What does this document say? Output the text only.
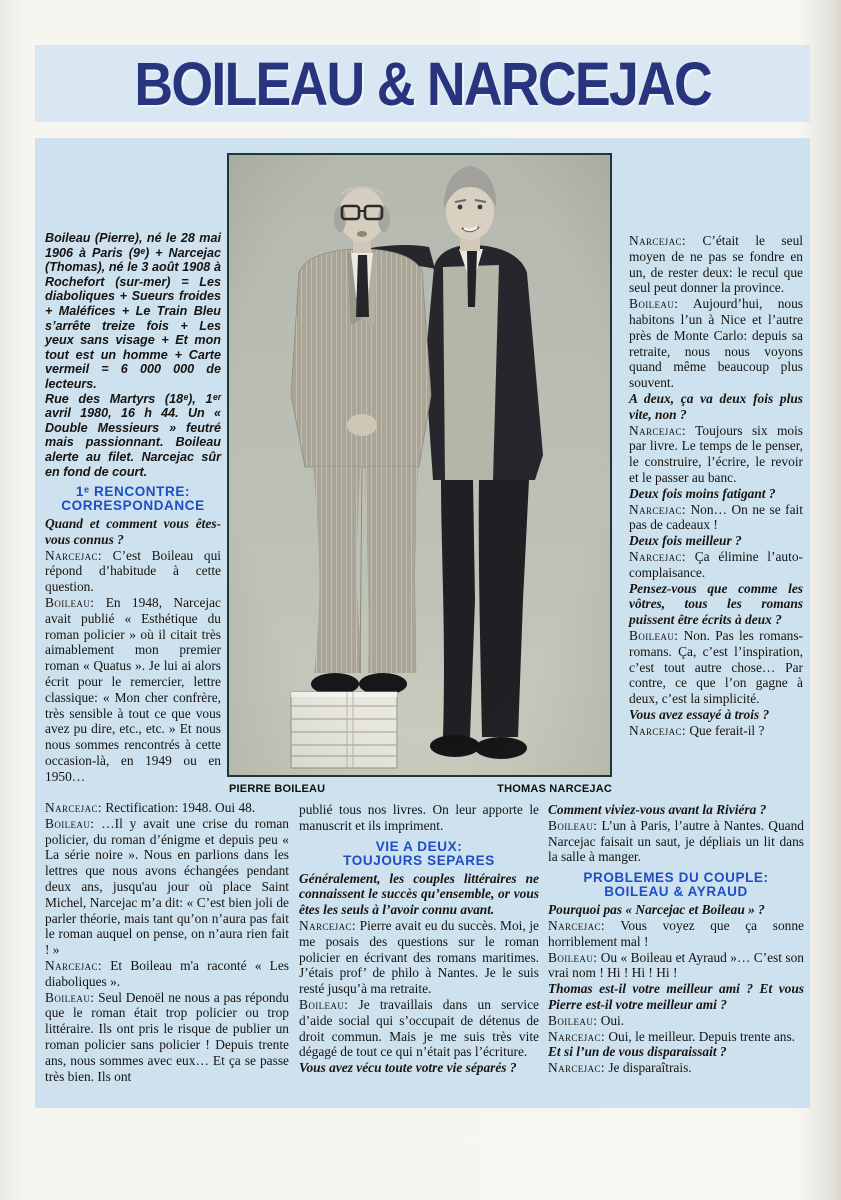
BOILEAU & NARCEJAC

Boileau (Pierre), né le 28 mai 1906 à Paris (9ᵉ) + Narcejac (Thomas), né le 3 août 1908 à Rochefort (sur-mer) = Les diaboliques + Sueurs froides + Maléfices + Le Train Bleu s’arrête treize fois + Les yeux sans visage + Et mon tout est un homme + Carte vermeil = 6 000 000 de lecteurs.

Rue des Martyrs (18ᵉ), 1ᵉʳ avril 1980, 16 h 44. Un « Double Messieurs » feutré mais passionnant. Boileau alerte au filet. Narcejac sûr en fond de court.

1ᵉ RENCONTRE:
CORRESPONDANCE

Quand et comment vous êtes-vous connus ?

Narcejac: C’est Boileau qui répond d’habitude à cette question.

Boileau: En 1948, Narcejac avait publié « Esthétique du roman policier » où il citait très aimablement mon premier roman « Quatus ». Je lui ai alors écrit pour le remercier, lettre classique: « Mon cher confrère, très sensible à tout ce que vous avez pu dire, etc., etc. » Et nous nous sommes rencontrés à cette occasion-là, en 1949 ou en 1950…

Narcejac: C’était le seul moyen de ne pas se fondre en un, de rester deux: le recul que seul peut donner la province.

Boileau: Aujourd’hui, nous habitons l’un à Nice et l’autre près de Monte Carlo: depuis sa retraite, nous nous voyons quand même beaucoup plus souvent.

A deux, ça va deux fois plus vite, non ?

Narcejac: Toujours six mois par livre. Le temps de le penser, le construire, l’écrire, le revoir et le passer au banc.

Deux fois moins fatigant ?

Narcejac: Non… On ne se fait pas de cadeaux !

Deux fois meilleur ?

Narcejac: Ça élimine l’auto-complaisance.

Pensez-vous que comme les vôtres, tous les romans puissent être écrits à deux ?

Boileau: Non. Pas les romans-romans. Ça, c’est l’inspiration, c’est tout autre chose… Par contre, ce que l’on gagne à deux, c’est la simplicité.

Vous avez essayé à trois ?

Narcejac: Que ferait-il ?

Narcejac: Rectification: 1948. Oui 48.

Boileau: …Il y avait une crise du roman policier, du roman d’énigme et depuis peu « La série noire ». Nous en parlions dans les lettres que nous avons échangées pendant deux ans, jusqu'au jour où place Saint Michel, Narcejac m’a dit: « C’est bien joli de parler théorie, mais tant qu’on n’aura pas fait le roman auquel on pense, on n’aura rien fait ! »

Narcejac: Et Boileau m'a raconté « Les diaboliques ».

Boileau: Seul Denoël ne nous a pas répondu que le roman était trop policier ou trop littéraire. Ils ont pris le risque de publier un roman policier sans policier ! Depuis trente ans, nous sommes avec eux… Et ça se passe très bien. Ils ont

publié tous nos livres. On leur apporte le manuscrit et ils impriment.

VIE A DEUX:
TOUJOURS SEPARES

Généralement, les couples littéraires ne connaissent le succès qu’ensemble, or vous êtes les seuls à l’avoir connu avant.

Narcejac: Pierre avait eu du succès. Moi, je me posais des questions sur le roman policier en écrivant des romans maritimes. J’étais prof’ de philo à Nantes. Je le suis resté jusqu’à ma retraite.

Boileau: Je travaillais dans un service d’aide social qui s’occupait de détenus de droit commun. Mais je me suis très vite dégagé de tout ce qui n’était pas l’écriture.

Vous avez vécu toute votre vie séparés ?

Comment viviez-vous avant la Riviéra ?

Boileau: L’un à Paris, l’autre à Nantes. Quand Narcejac faisait un saut, je dépliais un lit dans la salle à manger.

PROBLEMES DU COUPLE:
BOILEAU & AYRAUD

Pourquoi pas « Narcejac et Boileau » ?

Narcejac: Vous voyez que ça sonne horriblement mal !

Boileau: Ou « Boileau et Ayraud »… C’est son vrai nom ! Hi ! Hi ! Hi !

Thomas est-il votre meilleur ami ? Et vous Pierre est-il votre meilleur ami ?

Boileau: Oui.

Narcejac: Oui, le meilleur. Depuis trente ans.

Et si l’un de vous disparaissait ?

Narcejac: Je disparaîtrais.

PIERRE BOILEAU	THOMAS NARCEJAC
